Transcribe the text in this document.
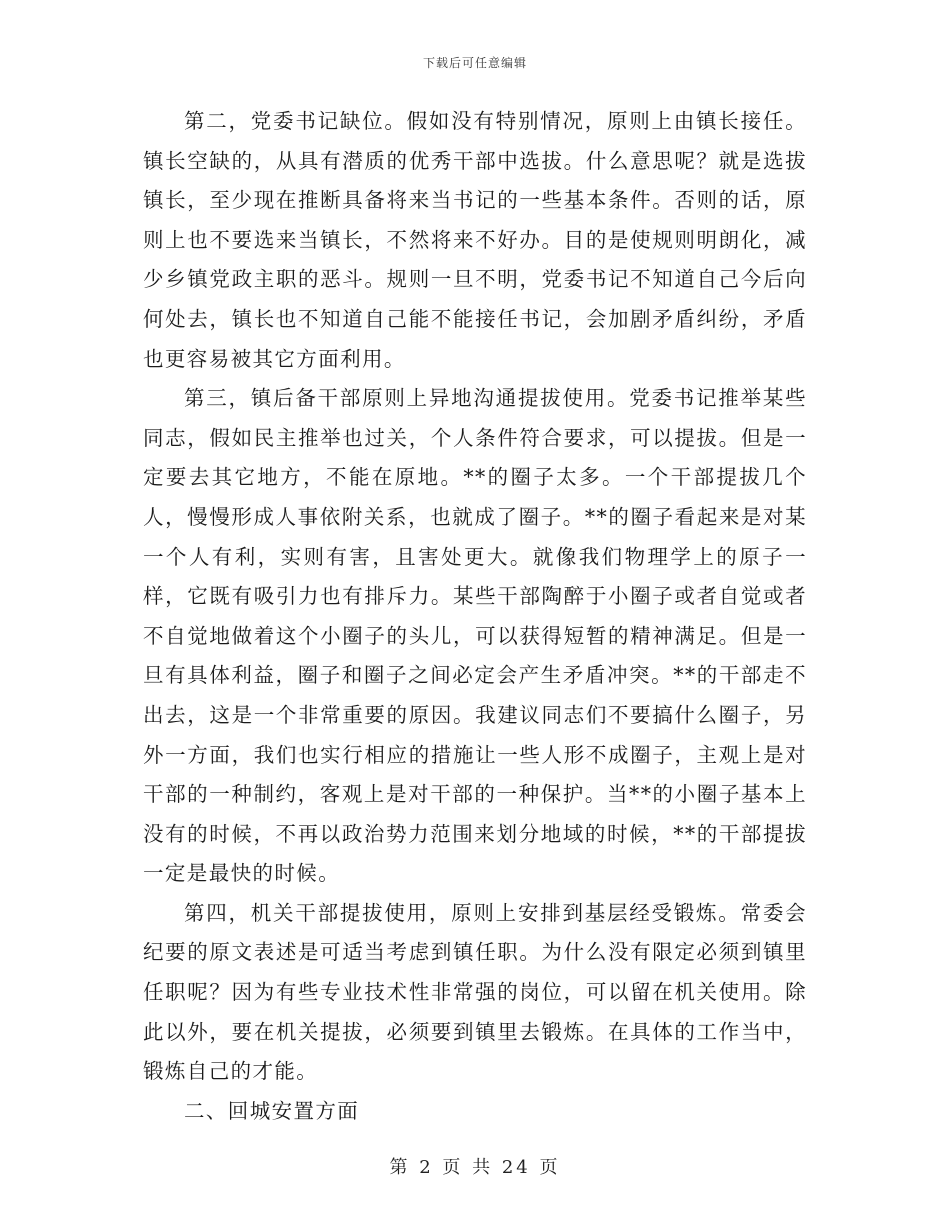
下载后可任意编辑

第二，党委书记缺位。假如没有特别情况，原则上由镇长接任。镇长空缺的，从具有潜质的优秀干部中选拔。什么意思呢？就是选拔镇长，至少现在推断具备将来当书记的一些基本条件。否则的话，原则上也不要选来当镇长，不然将来不好办。目的是使规则明朗化，减少乡镇党政主职的恶斗。规则一旦不明，党委书记不知道自己今后向何处去，镇长也不知道自己能不能接任书记，会加剧矛盾纠纷，矛盾也更容易被其它方面利用。

第三，镇后备干部原则上异地沟通提拔使用。党委书记推举某些同志，假如民主推举也过关，个人条件符合要求，可以提拔。但是一定要去其它地方，不能在原地。**的圈子太多。一个干部提拔几个人，慢慢形成人事依附关系，也就成了圈子。**的圈子看起来是对某一个人有利，实则有害，且害处更大。就像我们物理学上的原子一样，它既有吸引力也有排斥力。某些干部陶醉于小圈子或者自觉或者不自觉地做着这个小圈子的头儿，可以获得短暂的精神满足。但是一旦有具体利益，圈子和圈子之间必定会产生矛盾冲突。**的干部走不出去，这是一个非常重要的原因。我建议同志们不要搞什么圈子，另外一方面，我们也实行相应的措施让一些人形不成圈子，主观上是对干部的一种制约，客观上是对干部的一种保护。当**的小圈子基本上没有的时候，不再以政治势力范围来划分地域的时候，**的干部提拔一定是最快的时候。

第四，机关干部提拔使用，原则上安排到基层经受锻炼。常委会纪要的原文表述是可适当考虑到镇任职。为什么没有限定必须到镇里任职呢？因为有些专业技术性非常强的岗位，可以留在机关使用。除此以外，要在机关提拔，必须要到镇里去锻炼。在具体的工作当中，锻炼自己的才能。

二、回城安置方面

第 2 页 共 24 页
